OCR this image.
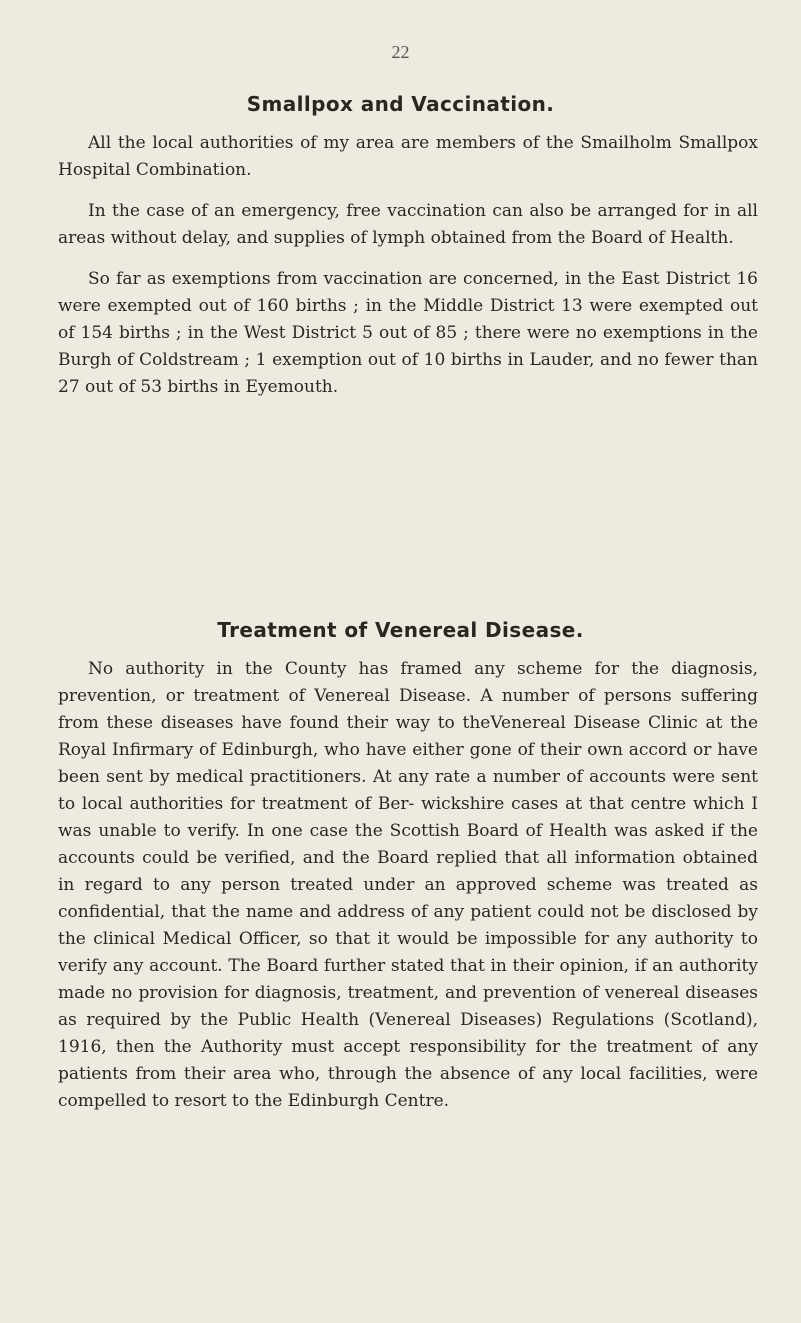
22
Smallpox and Vaccination.

All the local authorities of my area are members of the Smailholm Smallpox Hospital Combination.

In the case of an emergency, free vaccination can also be arranged for in all areas without delay, and supplies of lymph obtained from the Board of Health.

So far as exemptions from vaccination are concerned, in the East District 16 were exempted out of 160 births ; in the Middle District 13 were exempted out of 154 births ; in the West District 5 out of 85 ; there were no exemptions in the Burgh of Coldstream ; 1 exemption out of 10 births in Lauder, and no fewer than 27 out of 53 births in Eyemouth.

Treatment of Venereal Disease.

No authority in the County has framed any scheme for the diagnosis, prevention, or treatment of Venereal Disease. A number of persons suffering from these diseases have found their way to theVenereal Disease Clinic at the Royal Infirmary of Edinburgh, who have either gone of their own accord or have been sent by medical practitioners. At any rate a number of accounts were sent to local authorities for treatment of Ber- wickshire cases at that centre which I was unable to verify. In one case the Scottish Board of Health was asked if the accounts could be verified, and the Board replied that all information obtained in regard to any person treated under an approved scheme was treated as confidential, that the name and address of any patient could not be disclosed by the clinical Medical Officer, so that it would be impossible for any authority to verify any account. The Board further stated that in their opinion, if an authority made no provision for diagnosis, treatment, and prevention of venereal diseases as required by the Public Health (Venereal Diseases) Regulations (Scotland), 1916, then the Authority must accept responsibility for the treatment of any patients from their area who, through the absence of any local facilities, were compelled to resort to the Edinburgh Centre.
